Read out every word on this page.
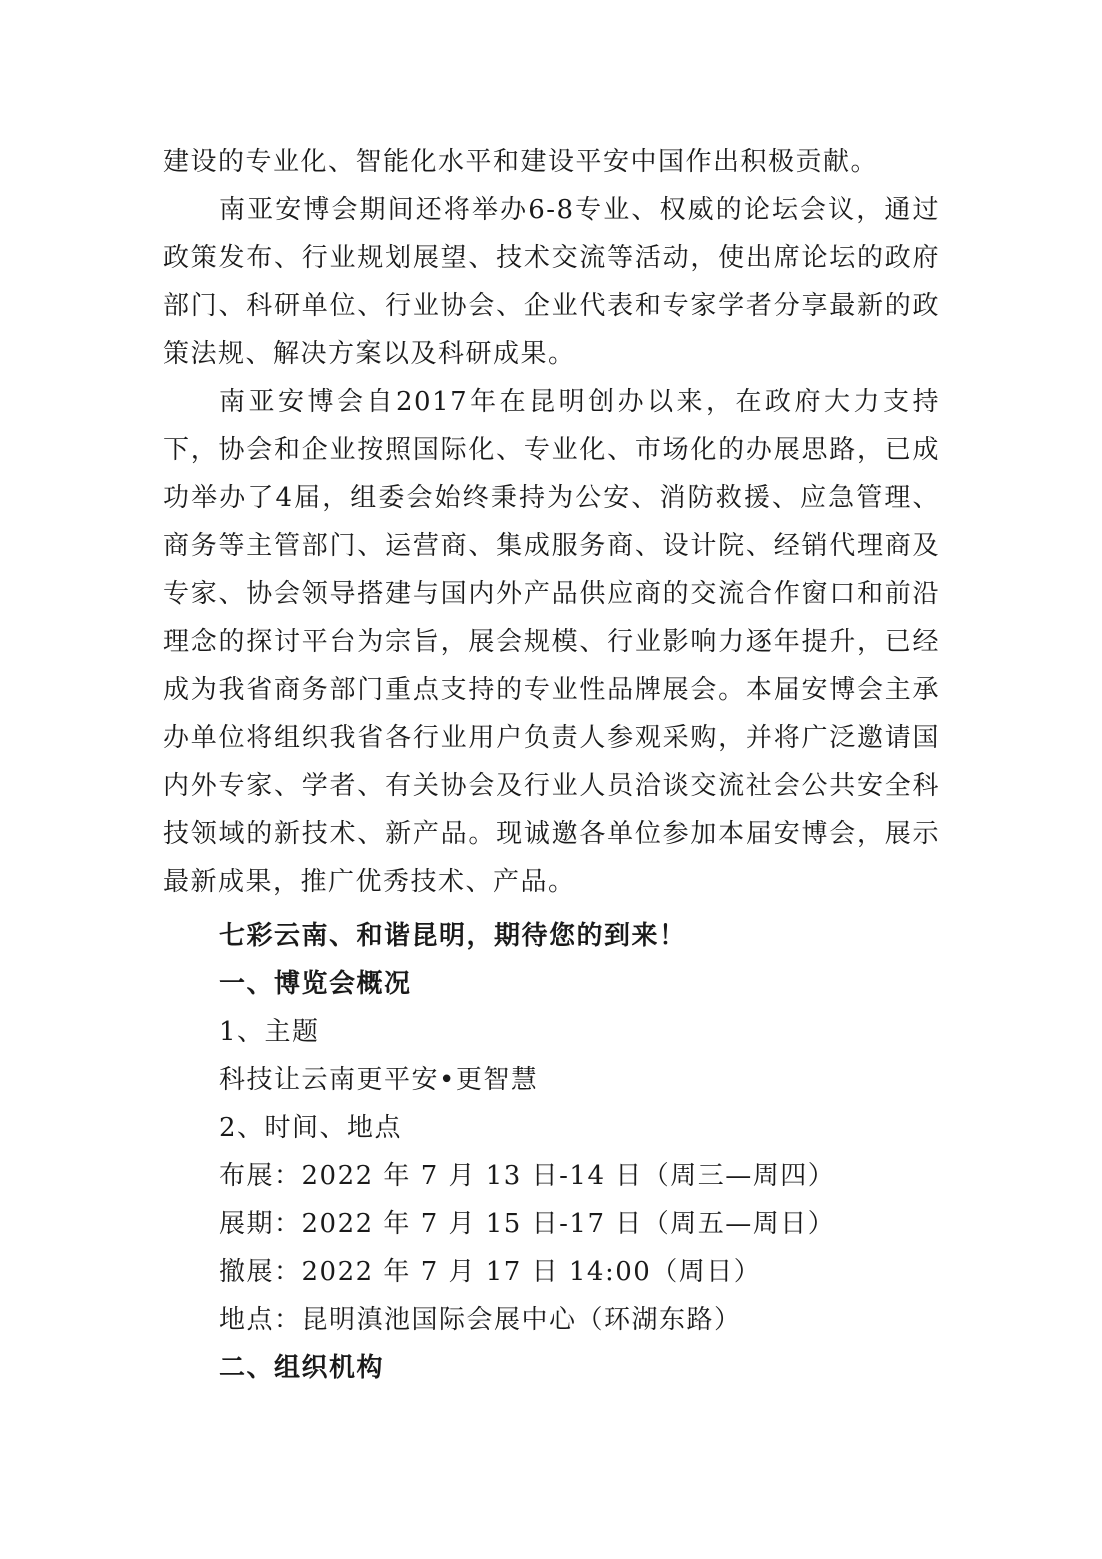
建设的专业化、智能化水平和建设平安中国作出积极贡献。

南亚安博会期间还将举办6-8专业、权威的论坛会议，通过政策发布、行业规划展望、技术交流等活动，使出席论坛的政府部门、科研单位、行业协会、企业代表和专家学者分享最新的政策法规、解决方案以及科研成果。

南亚安博会自2017年在昆明创办以来，在政府大力支持下，协会和企业按照国际化、专业化、市场化的办展思路，已成功举办了4届，组委会始终秉持为公安、消防救援、应急管理、商务等主管部门、运营商、集成服务商、设计院、经销代理商及专家、协会领导搭建与国内外产品供应商的交流合作窗口和前沿理念的探讨平台为宗旨，展会规模、行业影响力逐年提升，已经成为我省商务部门重点支持的专业性品牌展会。本届安博会主承办单位将组织我省各行业用户负责人参观采购，并将广泛邀请国内外专家、学者、有关协会及行业人员洽谈交流社会公共安全科技领域的新技术、新产品。现诚邀各单位参加本届安博会，展示最新成果，推广优秀技术、产品。

七彩云南、和谐昆明，期待您的到来！

一、博览会概况

1、主题

科技让云南更平安•更智慧

2、时间、地点

布展：2022 年 7 月 13 日-14 日（周三—周四）

展期：2022 年 7 月 15 日-17 日（周五—周日）

撤展：2022 年 7 月 17 日 14:00（周日）

地点：昆明滇池国际会展中心（环湖东路）

二、组织机构
